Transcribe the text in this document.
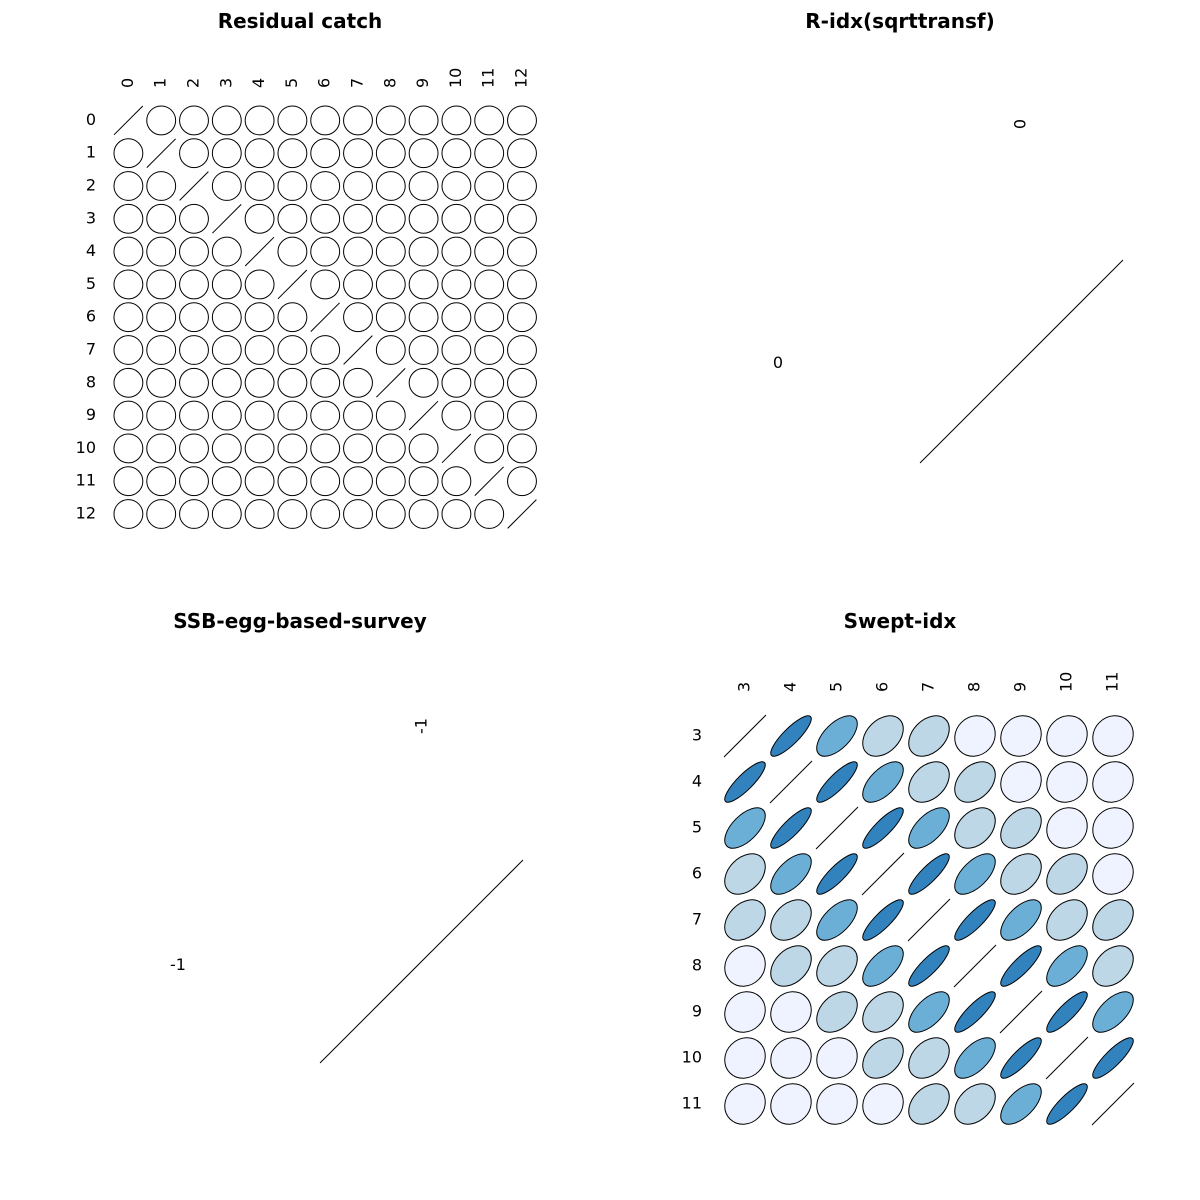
Residual catch
0
0
1
1
2
2
3
3
4
4
5
5
6
6
7
7
8
8
9
9
10
10
11
11
12
12
R-idx(sqrttransf)
0
0
SSB-egg-based-survey
-1
-1
Swept-idx
3
3
4
4
5
5
6
6
7
7
8
8
9
9
10
10
11
11
